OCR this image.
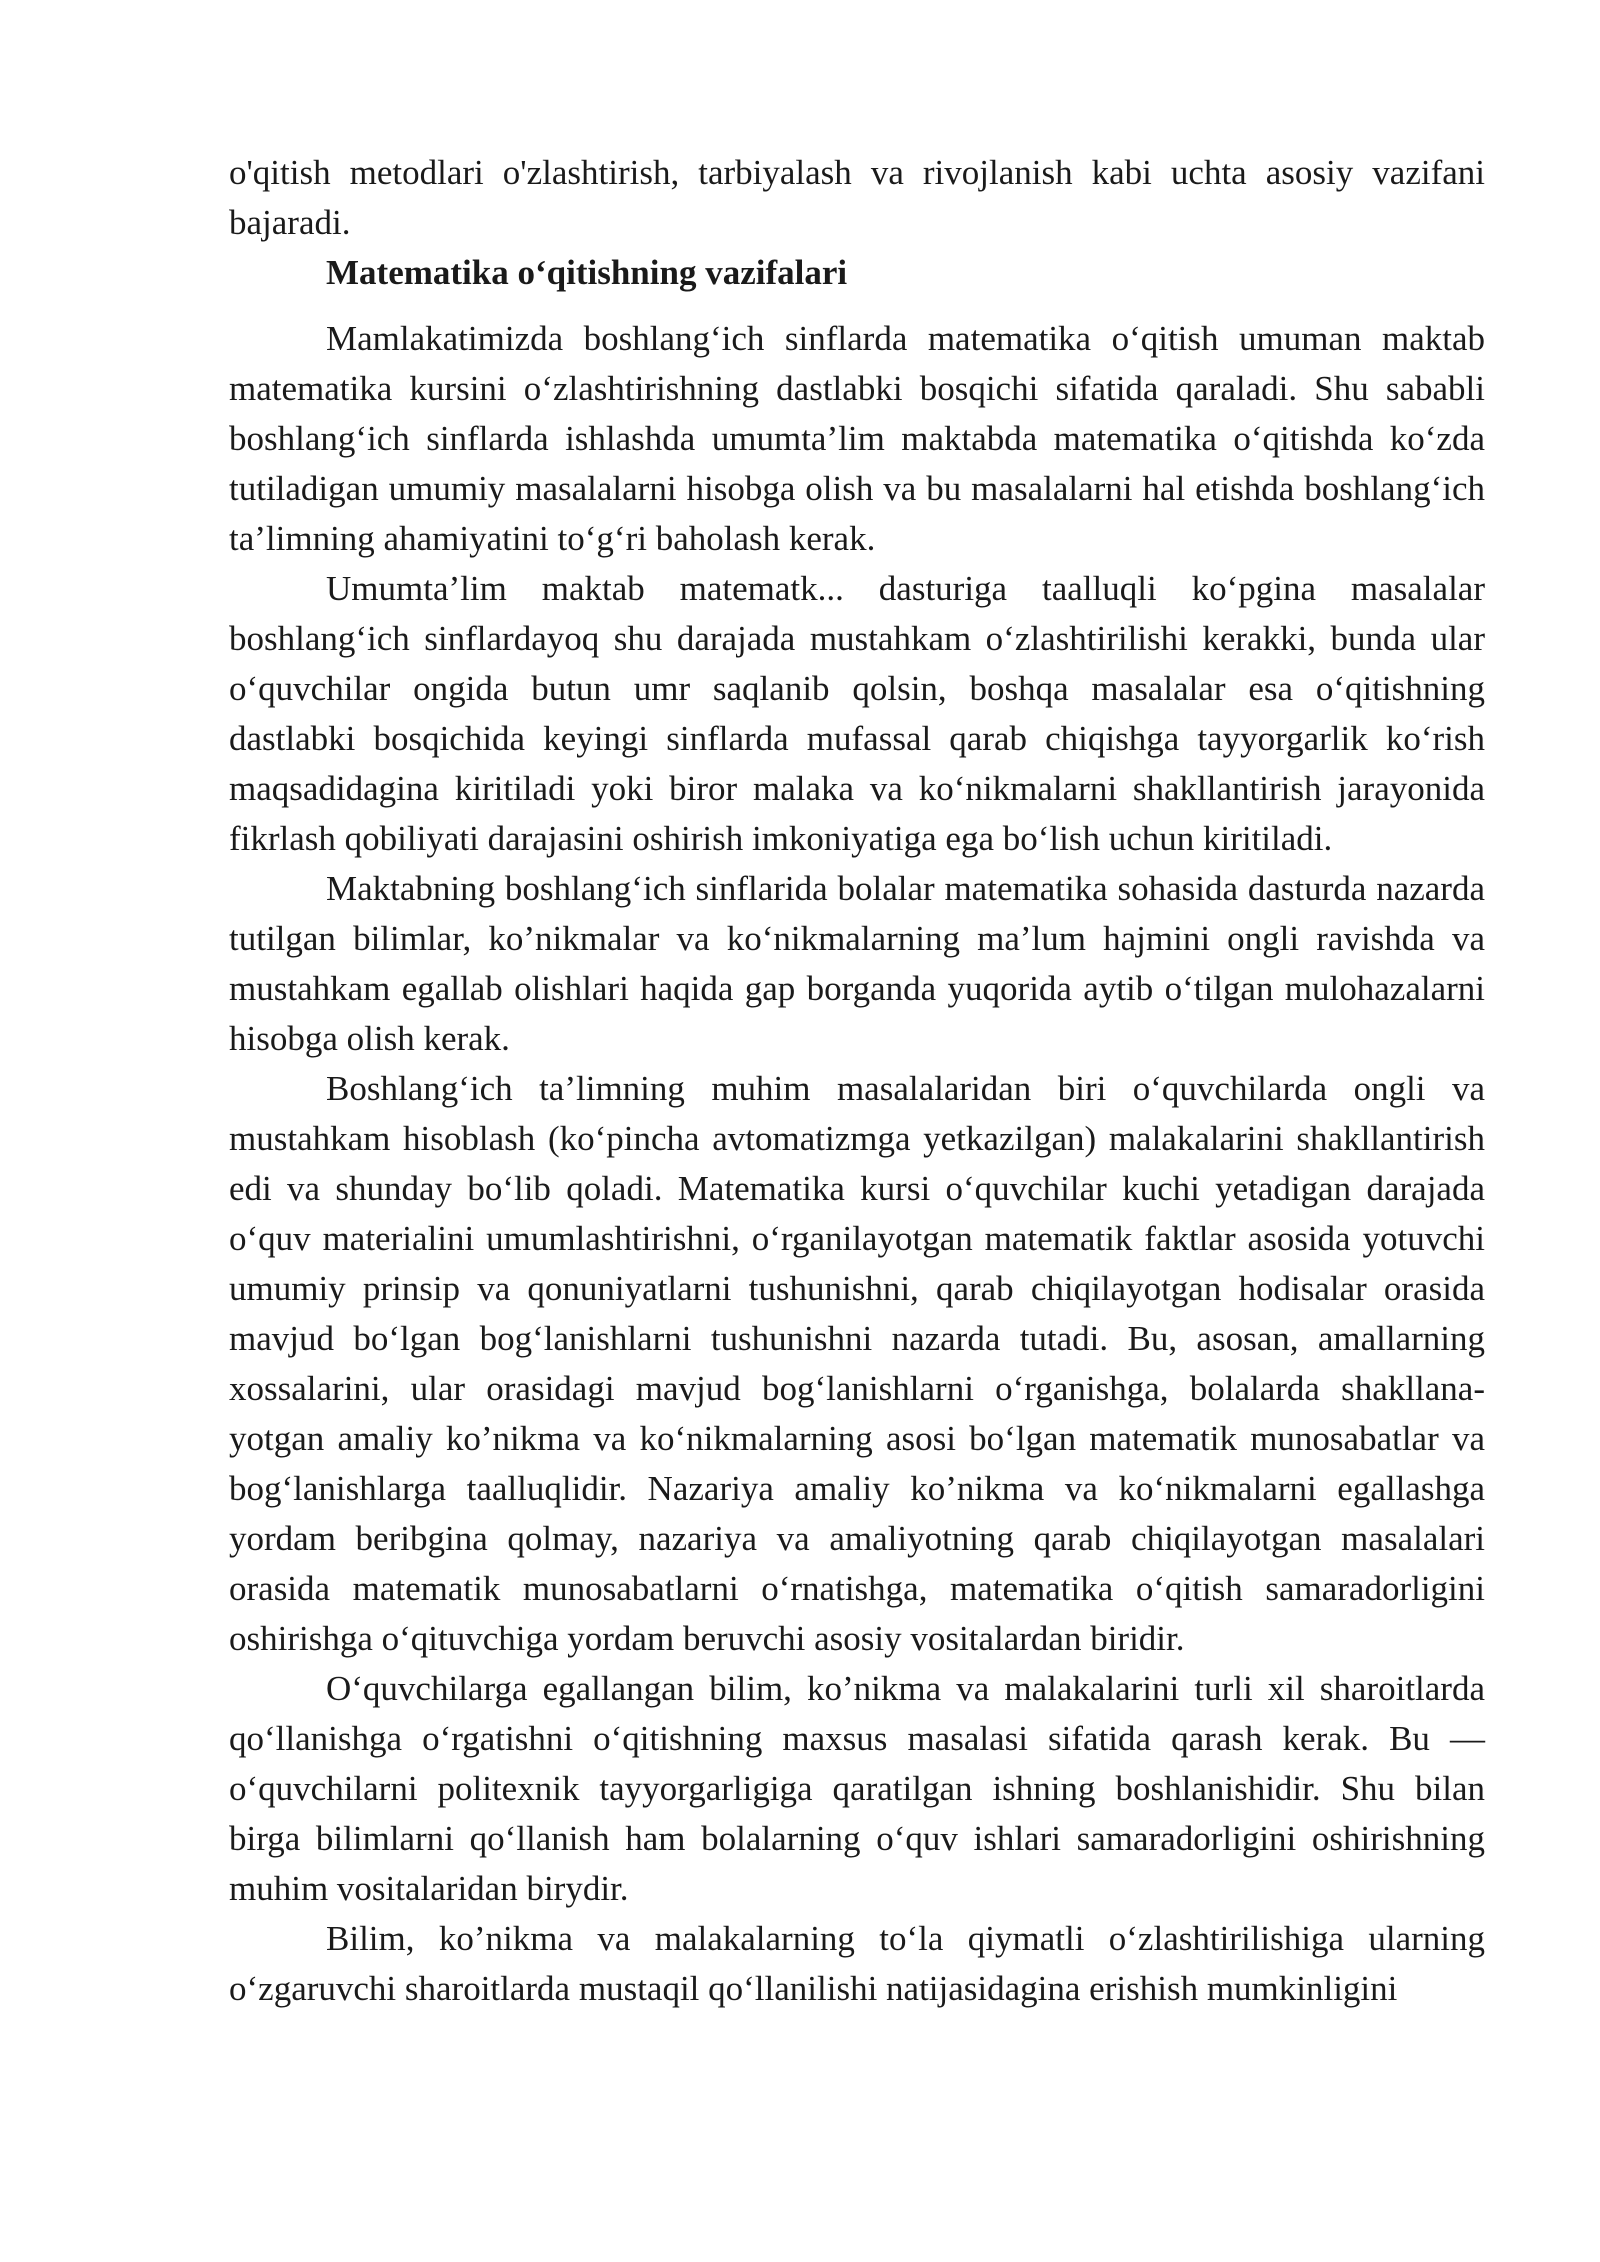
o'qitish metodlari o'zlashtirish, tarbiyalash va rivojlanish kabi uchta asosiy vazifani bajaradi.

Matematika o‘qitishning vazifalari

Mamlakatimizda boshlang‘ich sinflarda matematika o‘qitish umuman maktab matematika kursini o‘zlashtirishning dastlabki bosqichi sifatida qaraladi. Shu sababli boshlang‘ich sinflarda ishlashda umumta’lim maktabda matematika o‘qitishda ko‘zda tutiladigan umumiy masalalarni hisobga olish va bu masalalarni hal etishda boshlang‘ich ta’limning ahamiyatini to‘g‘ri baholash kerak.

Umumta’lim maktab matematk... dasturiga taalluqli ko‘pgina masalalar boshlang‘ich sinflardayoq shu darajada mustahkam o‘zlashtirilishi kerakki, bunda ular o‘quvchilar ongida butun umr saqlanib qolsin, boshqa masalalar esa o‘qitishning dastlabki bosqichida keyingi sinflarda mufassal qarab chiqishga tayyorgarlik ko‘rish maqsadidagina kiritiladi yoki biror malaka va ko‘nikmalarni shakllantirish jarayonida fikrlash qobiliyati darajasini oshirish imkoniyatiga ega bo‘lish uchun kiritiladi.

Maktabning boshlang‘ich sinflarida bolalar matematika sohasida dasturda nazarda tutilgan bilimlar, ko’nikmalar va ko‘nikmalarning ma’lum hajmini ongli ravishda va mustahkam egallab olishlari haqida gap borganda yuqorida aytib o‘tilgan mulohazalarni hisobga olish kerak.

Boshlang‘ich ta’limning muhim masalalaridan biri o‘quvchilarda ongli va mustahkam hisoblash (ko‘pincha avtomatizmga yetkazilgan) malakalarini shakllantirish edi va shunday bo‘lib qoladi. Matematika kursi o‘quvchilar kuchi yetadigan darajada o‘quv materialini umumlashtirishni, o‘rganilayotgan matematik faktlar asosida yotuvchi umumiy prinsip va qonuniyatlarni tushunishni, qarab chiqilayotgan hodisalar orasida mavjud bo‘lgan bog‘lanishlarni tushunishni nazarda tutadi. Bu, asosan, amallarning xossalarini, ular orasidagi mavjud bog‘lanishlarni o‘rganishga, bolalarda shakllana- yotgan amaliy ko’nikma va ko‘nikmalarning asosi bo‘lgan matematik munosabatlar va bog‘lanishlarga taalluqlidir. Nazariya amaliy ko’nikma va ko‘nikmalarni egallashga yordam beribgina qolmay, nazariya va amaliyotning qarab chiqilayotgan masalalari orasida matematik munosabatlarni o‘rnatishga, matematika o‘qitish samaradorligini oshirishga o‘qituvchiga yordam beruvchi asosiy vositalardan biridir.

O‘quvchilarga egallangan bilim, ko’nikma va malakalarini turli xil sharoitlarda qo‘llanishga o‘rgatishni o‘qitishning maxsus masalasi sifatida qarash kerak. Bu — o‘quvchilarni politexnik tayyorgarligiga qaratilgan ishning boshlanishidir. Shu bilan birga bilimlarni qo‘llanish ham bolalarning o‘quv ishlari samaradorligini oshirishning muhim vositalaridan birydir.

Bilim, ko’nikma va malakalarning to‘la qiymatli o‘zlashtirilishiga ularning o‘zgaruvchi sharoitlarda mustaqil qo‘llanilishi natijasidagina erishish mumkinligini
